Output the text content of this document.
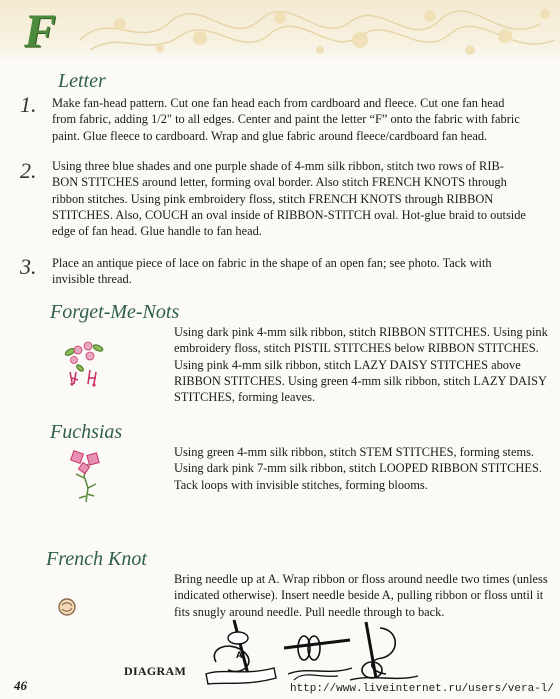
F
Letter
1. Make fan-head pattern. Cut one fan head each from cardboard and fleece. Cut one fan head from fabric, adding 1/2" to all edges. Center and paint the letter “F” onto the fabric with fabric paint. Glue fleece to cardboard. Wrap and glue fabric around fleece/cardboard fan head.

2. Using three blue shades and one purple shade of 4-mm silk ribbon, stitch two rows of RIB-BON STITCHES around letter, forming oval border. Also stitch FRENCH KNOTS through ribbon stitches. Using pink embroidery floss, stitch FRENCH KNOTS through RIBBON STITCHES. Also, COUCH an oval inside of RIBBON-STITCH oval. Hot-glue braid to outside edge of fan head. Glue handle to fan head.

3. Place an antique piece of lace on fabric in the shape of an open fan; see photo. Tack with invisible thread.

Forget-Me-Nots

Using dark pink 4-mm silk ribbon, stitch RIBBON STITCHES. Using pink embroidery floss, stitch PISTIL STITCHES below RIBBON STITCHES. Using pink 4-mm silk ribbon, stitch LAZY DAISY STITCHES above RIBBON STITCHES. Using green 4-mm silk ribbon, stitch LAZY DAISY STITCHES, forming leaves.

Fuchsias

Using green 4-mm silk ribbon, stitch STEM STITCHES, forming stems. Using dark pink 7-mm silk ribbon, stitch LOOPED RIBBON STITCHES. Tack loops with invisible stitches, forming blooms.

French Knot

Bring needle up at A. Wrap ribbon or floss around needle two times (unless indicated otherwise). Insert needle beside A, pulling ribbon or floss until it fits snugly around needle. Pull needle through to back.

DIAGRAM
A
46	http://www.liveinternet.ru/users/vera-l/
